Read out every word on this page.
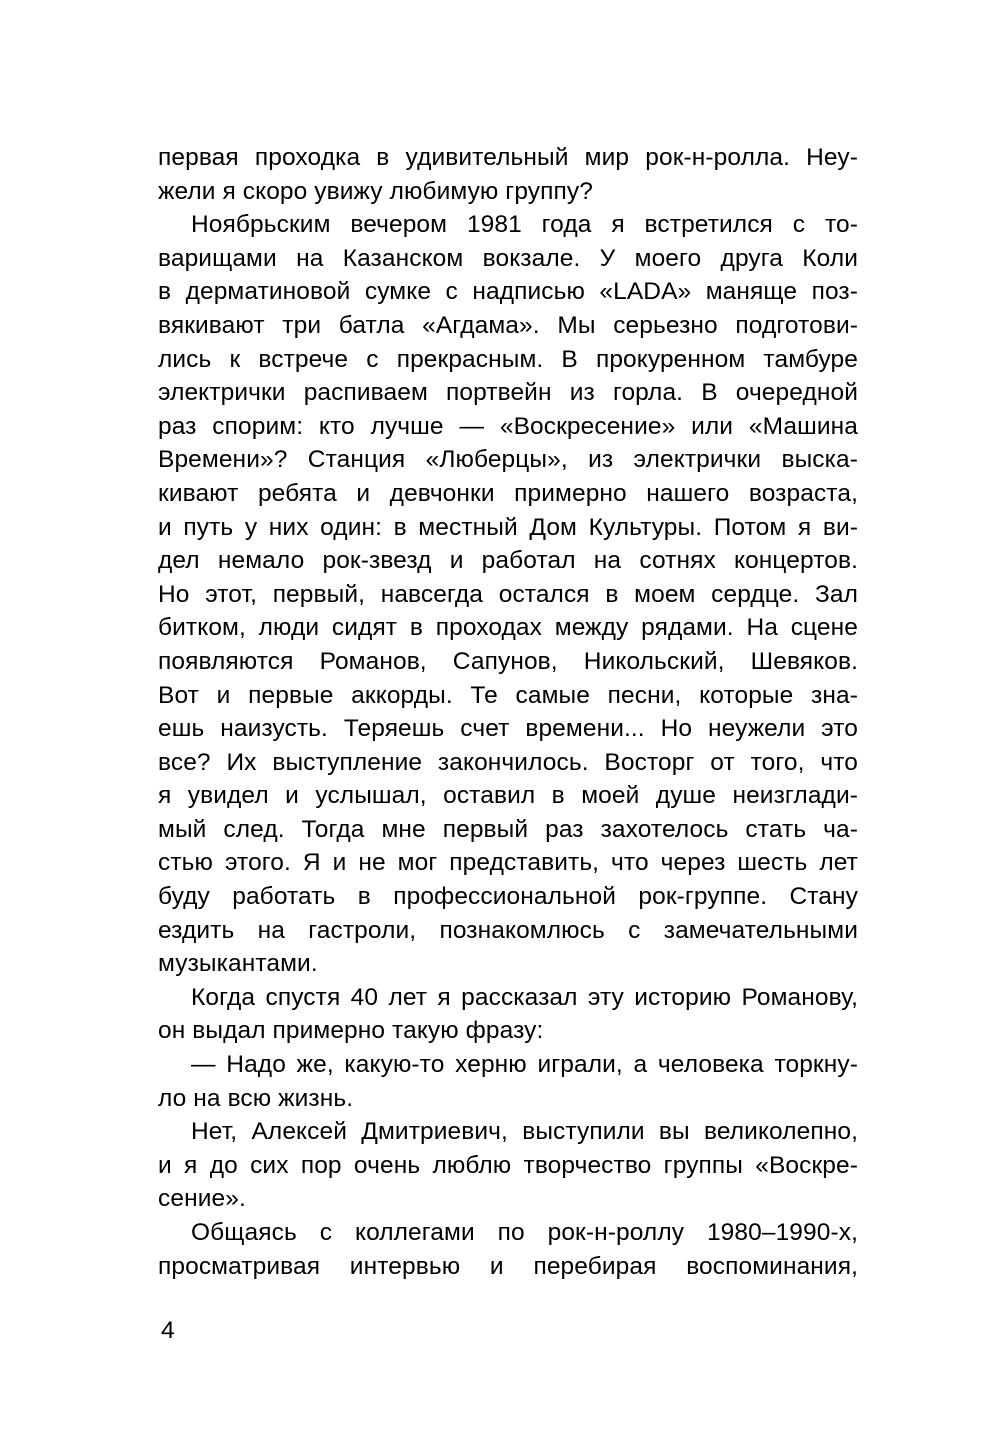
первая проходка в удивительный мир рок-н-ролла. Неу-
жели я скоро увижу любимую группу?
Ноябрьским вечером 1981 года я встретился с то-
варищами на Казанском вокзале. У моего друга Коли
в дерматиновой сумке с надписью «LADA» маняще поз-
вякивают три батла «Агдама». Мы серьезно подготови-
лись к встрече с прекрасным. В прокуренном тамбуре
электрички распиваем портвейн из горла. В очередной
раз спорим: кто лучше — «Воскресение» или «Машина
Времени»? Станция «Люберцы», из электрички выска-
кивают ребята и девчонки примерно нашего возраста,
и путь у них один: в местный Дом Культуры. Потом я ви-
дел немало рок-звезд и работал на сотнях концертов.
Но этот, первый, навсегда остался в моем сердце. Зал
битком, люди сидят в проходах между рядами. На сцене
появляются Романов, Сапунов, Никольский, Шевяков.
Вот и первые аккорды. Те самые песни, которые зна-
ешь наизусть. Теряешь счет времени... Но неужели это
все? Их выступление закончилось. Восторг от того, что
я увидел и услышал, оставил в моей душе неизглади-
мый след. Тогда мне первый раз захотелось стать ча-
стью этого. Я и не мог представить, что через шесть лет
буду работать в профессиональной рок-группе. Стану
ездить на гастроли, познакомлюсь с замечательными
музыкантами.
Когда спустя 40 лет я рассказал эту историю Романову,
он выдал примерно такую фразу:
— Надо же, какую-то херню играли, а человека торкну-
ло на всю жизнь.
Нет, Алексей Дмитриевич, выступили вы великолепно,
и я до сих пор очень люблю творчество группы «Воскре-
сение».
Общаясь с коллегами по рок-н-роллу 1980–1990-х,
просматривая интервью и перебирая воспоминания,
4
